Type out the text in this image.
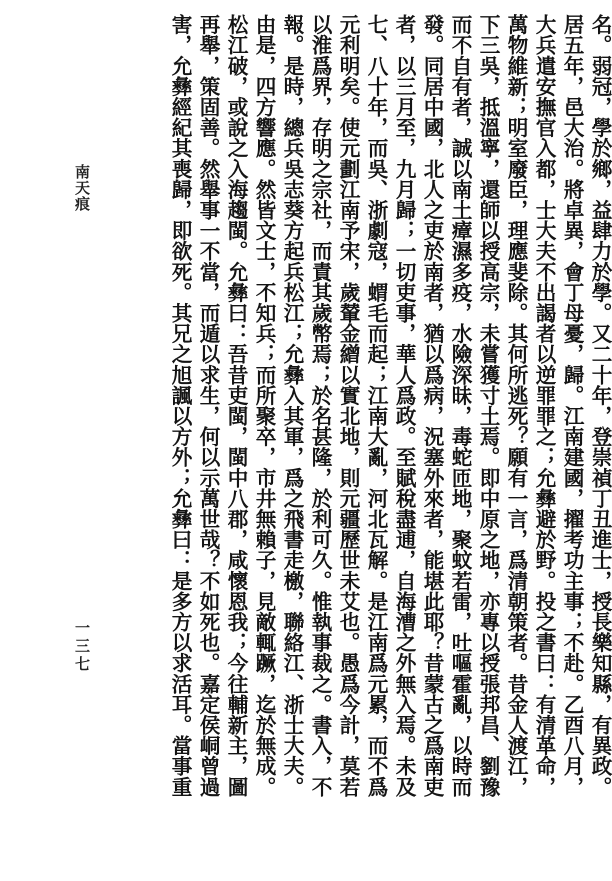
名。弱冠，學於鄉，益肆力於學。又二十年，登崇禎丁丑進士，授長樂知縣，有異政。
居五年，邑大治。將卓異，會丁母憂，歸。江南建國，擢考功主事；不赴。乙酉八月，
大兵遣安撫官入都，士大夫不出謁者以逆罪罪之；允彝避於野。投之書曰：有清革命，
萬物維新；明室廢臣，理應斐除。其何所逃死？願有一言，爲清朝策者。昔金人渡江，
下三吳，抵溫寧，還師以授高宗，未嘗獲寸土焉。即中原之地，亦專以授張邦昌、劉豫
而不自有者，誠以南土瘴濕多疫，水險深昧，毒蛇匝地，聚蚊若雷，吐嘔霍亂，以時而
發。同居中國，北人之吏於南者，猶以爲病，況塞外來者，能堪此耶？昔蒙古之爲南吏
者，以三月至，九月歸；一切吏事，華人爲政。至賦稅盡逋，自海漕之外無入焉。未及
七、八十年，而吳、浙劇寇，蝟毛而起；江南大亂，河北瓦解。是江南爲元累，而不爲
元利明矣。使元劃江南予宋，歲輦金繒以實北地，則元疆歷世未艾也。愚爲今計，莫若
以淮爲界，存明之宗社，而責其歲幣焉；於名甚隆，於利可久。惟執事裁之。書入，不
報。是時，總兵吳志葵方起兵松江；允彝入其軍，爲之飛書走檄，聯絡江、浙士大夫。
由是，四方響應。然皆文士，不知兵；而所聚卒，市井無賴子，見敵輒蹶，迄於無成。
松江破，或說之入海趨閩。允彝曰：吾昔吏閩，閩中八郡，咸懷恩我；今往輔新主，圖
再舉，策固善。然舉事一不當，而遁以求生，何以示萬世哉？不如死也。嘉定侯峒曾過
害，允彝經紀其喪歸，即欲死。其兄之旭諷以方外；允彝曰：是多方以求活耳。當事重
南天痕
一三七
